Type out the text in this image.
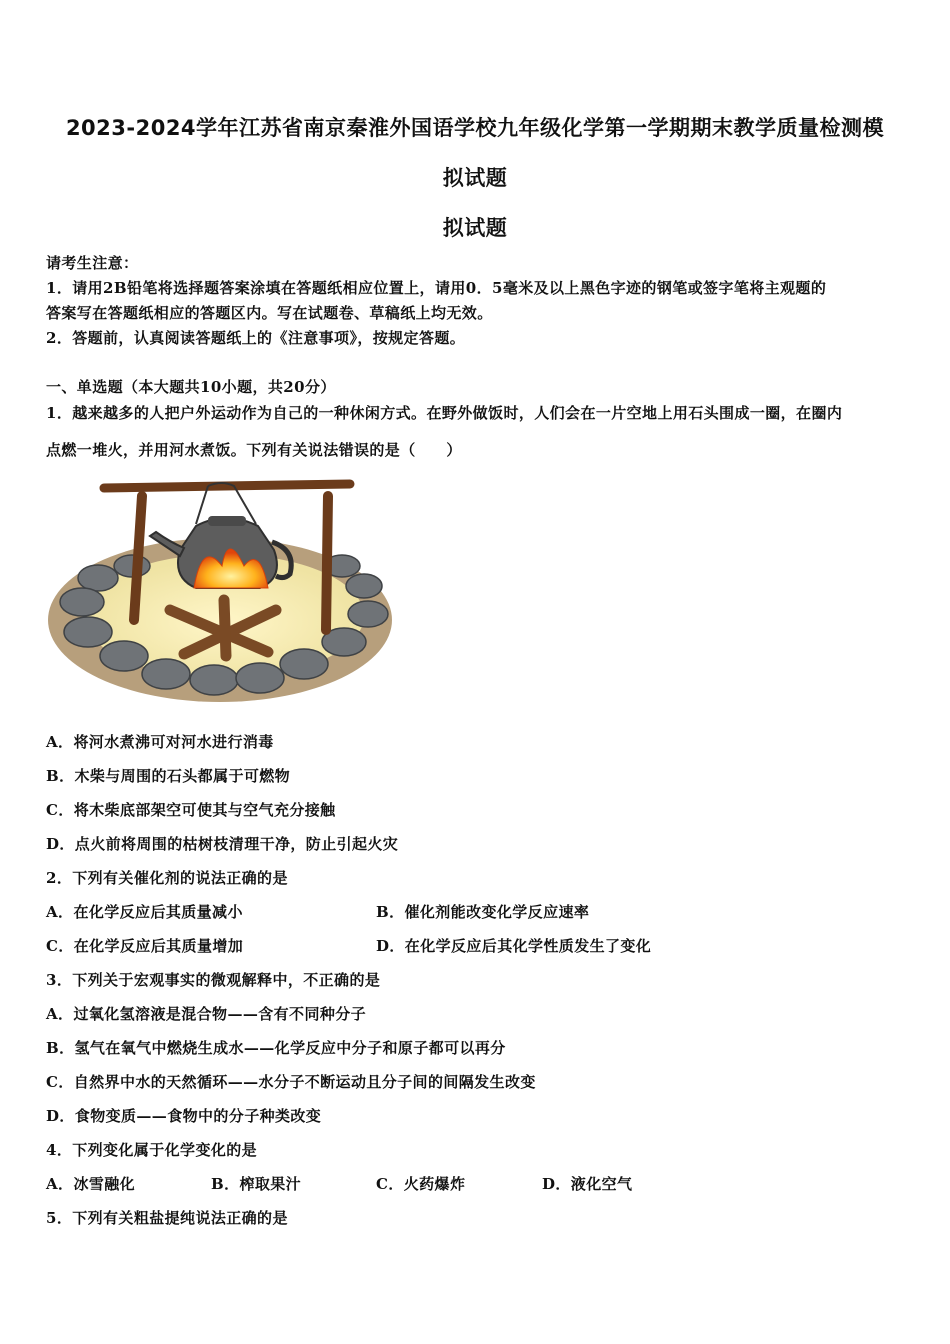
2023-2024学年江苏省南京秦淮外国语学校九年级化学第一学期期末教学质量检测模
拟试题
拟试题
请考生注意：
1．请用2B铅笔将选择题答案涂填在答题纸相应位置上，请用0．5毫米及以上黑色字迹的钢笔或签字笔将主观题的
答案写在答题纸相应的答题区内。写在试题卷、草稿纸上均无效。
2．答题前，认真阅读答题纸上的《注意事项》，按规定答题。
一、单选题（本大题共10小题，共20分）
1．越来越多的人把户外运动作为自己的一种休闲方式。在野外做饭时，人们会在一片空地上用石头围成一圈，在圈内
点燃一堆火，并用河水煮饭。下列有关说法错误的是（　　）
A．将河水煮沸可对河水进行消毒
B．木柴与周围的石头都属于可燃物
C．将木柴底部架空可使其与空气充分接触
D．点火前将周围的枯树枝清理干净，防止引起火灾
2．下列有关催化剂的说法正确的是
A．在化学反应后其质量减小	B．催化剂能改变化学反应速率
C．在化学反应后其质量增加	D．在化学反应后其化学性质发生了变化
3．下列关于宏观事实的微观解释中，不正确的是
A．过氧化氢溶液是混合物——含有不同种分子
B．氢气在氧气中燃烧生成水——化学反应中分子和原子都可以再分
C．自然界中水的天然循环——水分子不断运动且分子间的间隔发生改变
D．食物变质——食物中的分子种类改变
4．下列变化属于化学变化的是
A．冰雪融化	B．榨取果汁	C．火药爆炸	D．液化空气
5．下列有关粗盐提纯说法正确的是
